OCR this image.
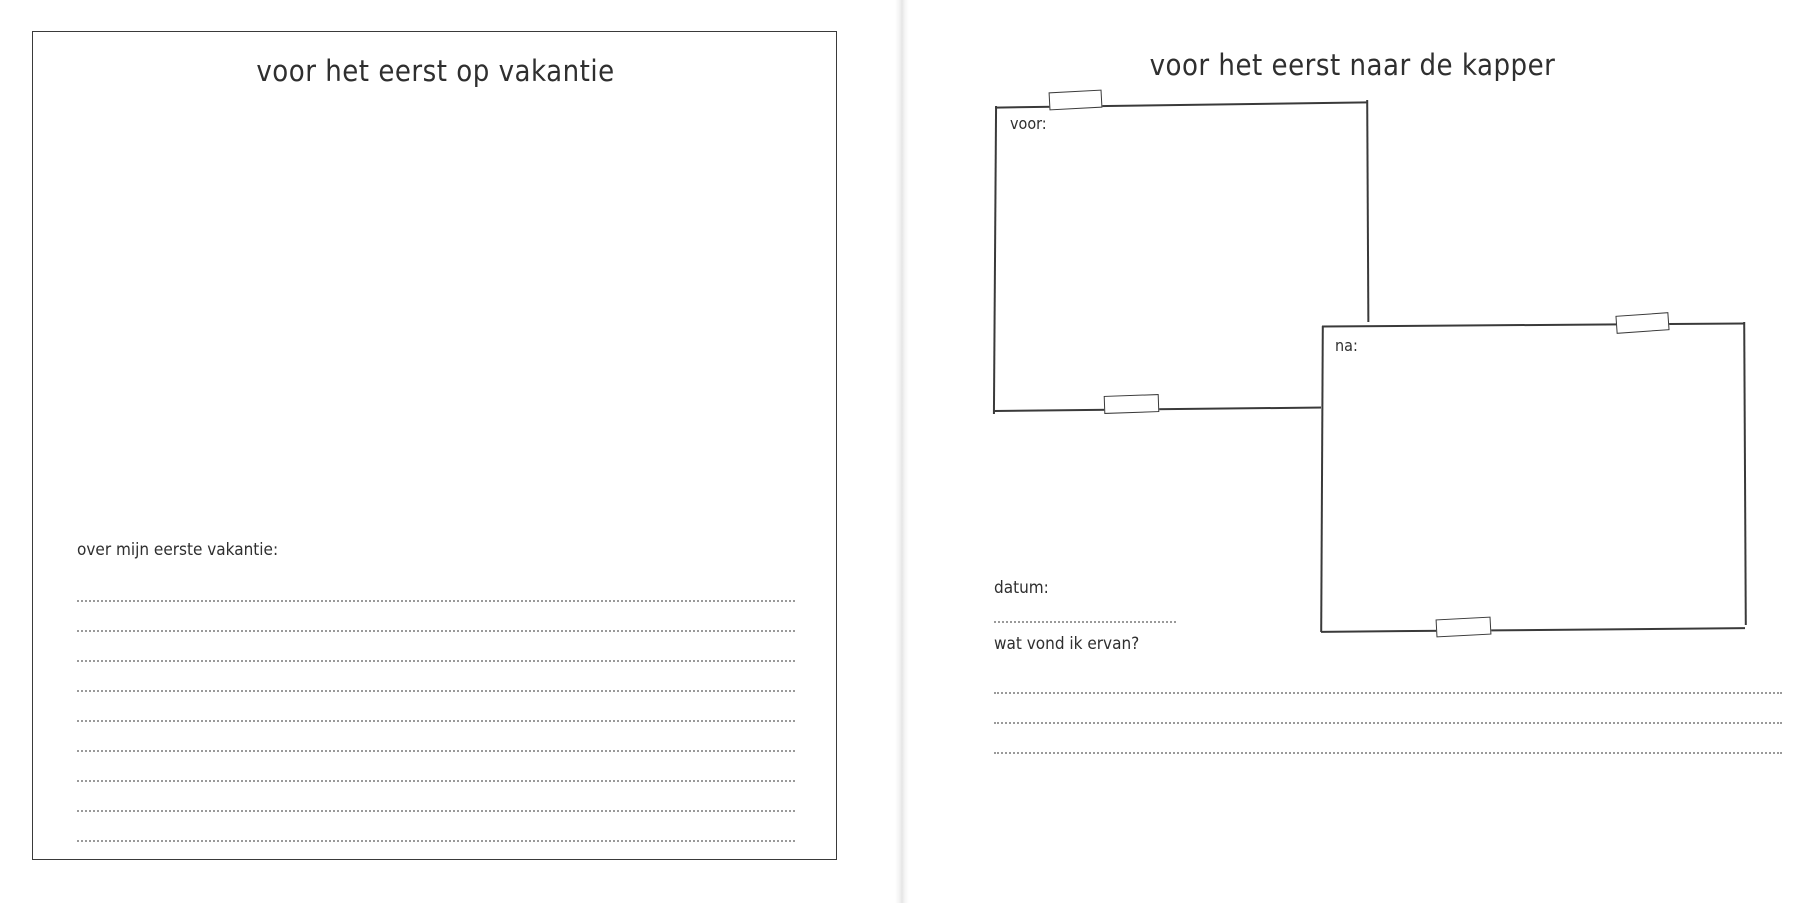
voor het eerst op vakantie
over mijn eerste vakantie:
voor het eerst naar de kapper
voor:
na:
datum:
wat vond ik ervan?
